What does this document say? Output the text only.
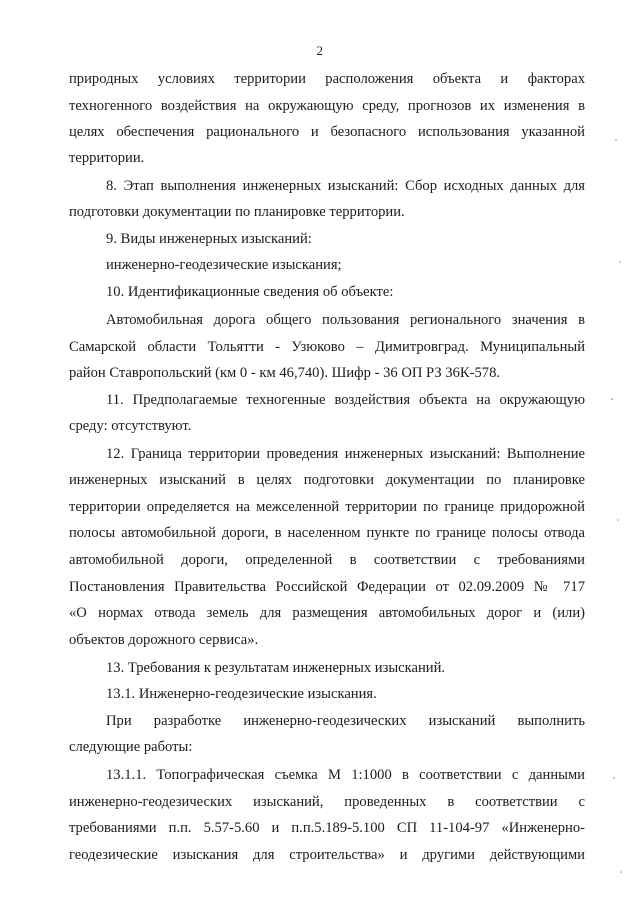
2
природных условиях территории расположения объекта и факторах
техногенного воздействия на окружающую среду, прогнозов их изменения в
целях обеспечения рационального и безопасного использования указанной
территории.
8. Этап выполнения инженерных изысканий: Сбор исходных данных для
подготовки документации по планировке территории.
9. Виды инженерных изысканий:
инженерно-геодезические изыскания;
10. Идентификационные сведения об объекте:
Автомобильная дорога общего пользования регионального значения в
Самарской области Тольятти - Узюково – Димитровград. Муниципальный
район Ставропольский (км 0 - км 46,740). Шифр - 36 ОП РЗ 36К-578.
11. Предполагаемые техногенные воздействия объекта на окружающую
среду: отсутствуют.
12. Граница территории проведения инженерных изысканий: Выполнение
инженерных изысканий в целях подготовки документации по планировке
территории определяется на межселенной территории по границе придорожной
полосы автомобильной дороги, в населенном пункте по границе полосы отвода
автомобильной дороги, определенной в соответствии с требованиями
Постановления Правительства Российской Федерации от 02.09.2009 № 717
«О нормах отвода земель для размещения автомобильных дорог и (или)
объектов дорожного сервиса».
13. Требования к результатам инженерных изысканий.
13.1. Инженерно-геодезические изыскания.
При разработке инженерно-геодезических изысканий выполнить
следующие работы:
13.1.1. Топографическая съемка М 1:1000 в соответствии с данными
инженерно-геодезических изысканий, проведенных в соответствии с
требованиями п.п. 5.57-5.60 и п.п.5.189-5.100 СП 11-104-97 «Инженерно-
геодезические изыскания для строительства» и другими действующими
